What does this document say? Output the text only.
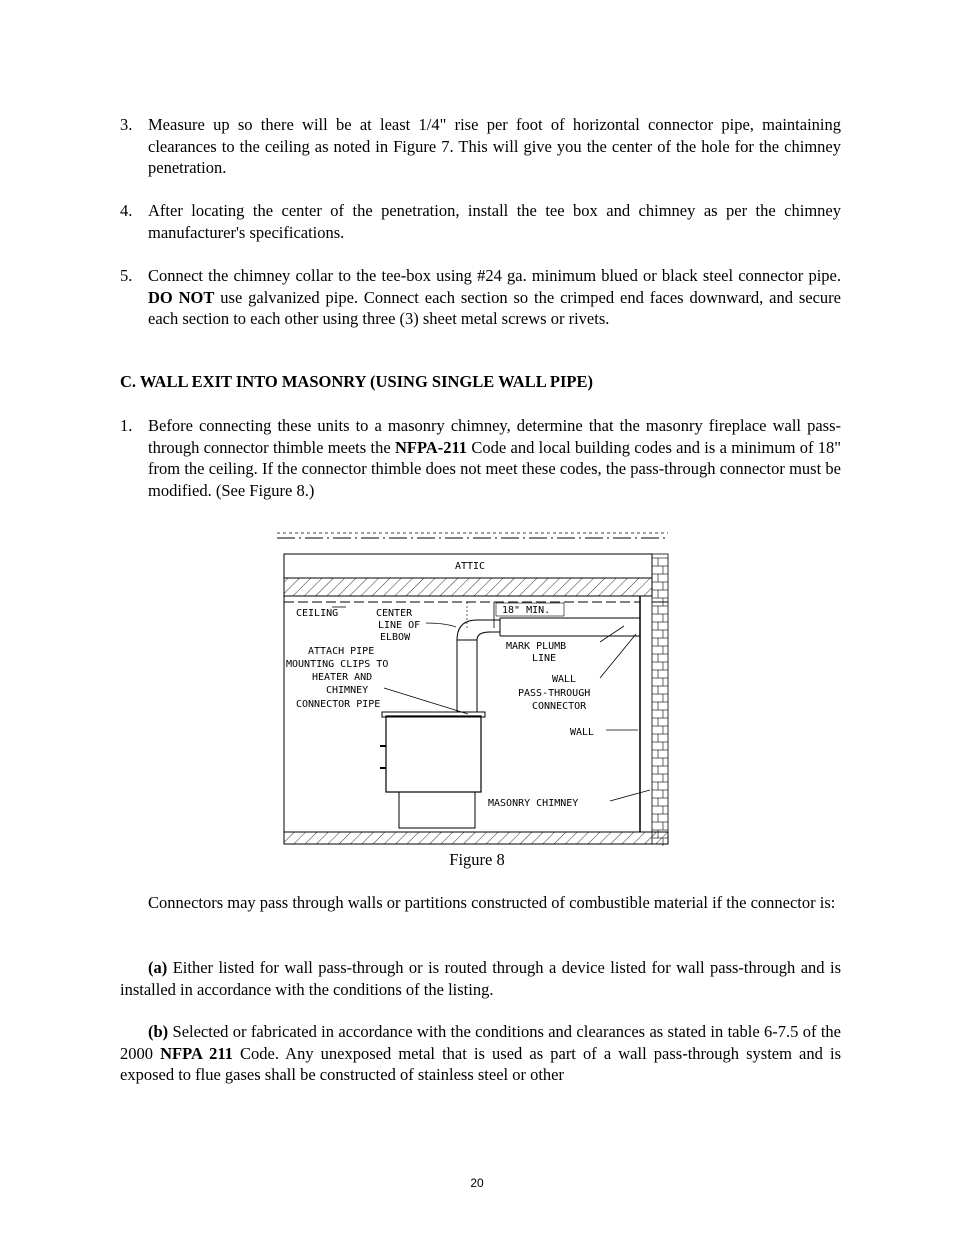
3. Measure up so there will be at least 1/4" rise per foot of horizontal connector pipe, maintaining clearances to the ceiling as noted in Figure 7. This will give you the center of the hole for the chimney penetration.
4. After locating the center of the penetration, install the tee box and chimney as per the chimney manufacturer's specifications.
5. Connect the chimney collar to the tee-box using #24 ga. minimum blued or black steel connector pipe. DO NOT use galvanized pipe. Connect each section so the crimped end faces downward, and secure each section to each other using three (3) sheet metal screws or rivets.
C. WALL EXIT INTO MASONRY (USING SINGLE WALL PIPE)
1. Before connecting these units to a masonry chimney, determine that the masonry fireplace wall pass-through connector thimble meets the NFPA-211 Code and local building codes and is a minimum of 18" from the ceiling. If the connector thimble does not meet these codes, the pass-through connector must be modified. (See Figure 8.)
ATTIC
18" MIN.
CEILING	CENTER
LINE OF
ELBOW
MARK PLUMB
LINE
ATTACH PIPE
MOUNTING CLIPS TO
HEATER AND
CHIMNEY
CONNECTOR PIPE
WALL
PASS-THROUGH
CONNECTOR
WALL
MASONRY CHIMNEY
Figure 8

Connectors may pass through walls or partitions constructed of combustible material if the connector is:

(a) Either listed for wall pass-through or is routed through a device listed for wall pass-through and is installed in accordance with the conditions of the listing.

(b) Selected or fabricated in accordance with the conditions and clearances as stated in table 6-7.5 of the 2000 NFPA 211 Code. Any unexposed metal that is used as part of a wall pass-through system and is exposed to flue gases shall be constructed of stainless steel or other

20
